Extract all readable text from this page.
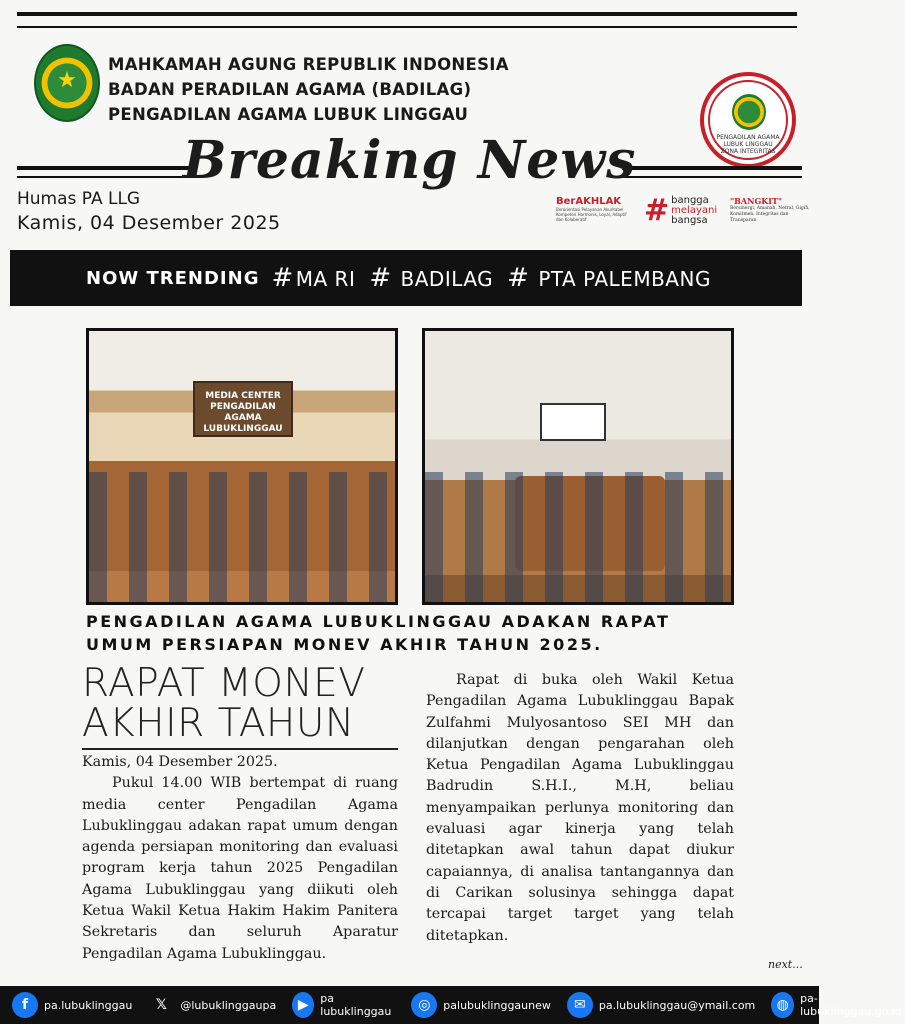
★
MAHKAMAH AGUNG REPUBLIK INDONESIA
BADAN PERADILAN AGAMA (BADILAG)
PENGADILAN AGAMA LUBUK LINGGAU
PENGADILAN AGAMA LUBUK LINGGAU ZONA INTEGRITAS
Breaking News
Humas PA LLG
Kamis, 04 Desember 2025
BerAKHLAK
Berorientasi Pelayanan Akuntabel Kompeten Harmonis, Loyal, Adaptif dan Kolaboratif	# bangga
melayani
bangsa
"BANGKIT"
Bersinergi, Amanah, Netral, Gigih, Komitmen, Integritas dan Transparan
NOW TRENDING # MA RI # BADILAG # PTA PALEMBANG
MEDIA CENTER
PENGADILAN AGAMA
LUBUKLINGGAU
PENGADILAN AGAMA LUBUKLINGGAU ADAKAN RAPAT UMUM PERSIAPAN MONEV AKHIR TAHUN 2025.
RAPAT MONEV
AKHIR TAHUN

Kamis, 04 Desember 2025.

Pukul 14.00 WIB bertempat di ruang media center Pengadilan Agama Lubuklinggau adakan rapat umum dengan agenda persiapan monitoring dan evaluasi program kerja tahun 2025 Pengadilan Agama Lubuklinggau yang diikuti oleh Ketua Wakil Ketua Hakim Hakim Panitera Sekretaris dan seluruh Aparatur Pengadilan Agama Lubuklinggau.

Rapat di buka oleh Wakil Ketua Pengadilan Agama Lubuklinggau Bapak Zulfahmi Mulyosantoso SEI MH dan dilanjutkan dengan pengarahan oleh Ketua Pengadilan Agama Lubuklinggau Badrudin S.H.I., M.H, beliau menyampaikan perlunya monitoring dan evaluasi agar kinerja yang telah ditetapkan awal tahun dapat diukur capaiannya, di analisa tantangannya dan di Carikan solusinya sehingga dapat tercapai target target yang telah ditetapkan.

next...
f	pa.lubuklinggau	𝕏	@lubuklinggaupa	▶	pa lubuklinggau	◎	palubuklinggaunew	✉	pa.lubuklinggau@ymail.com	◍	pa-lubuklinggau.go.id
